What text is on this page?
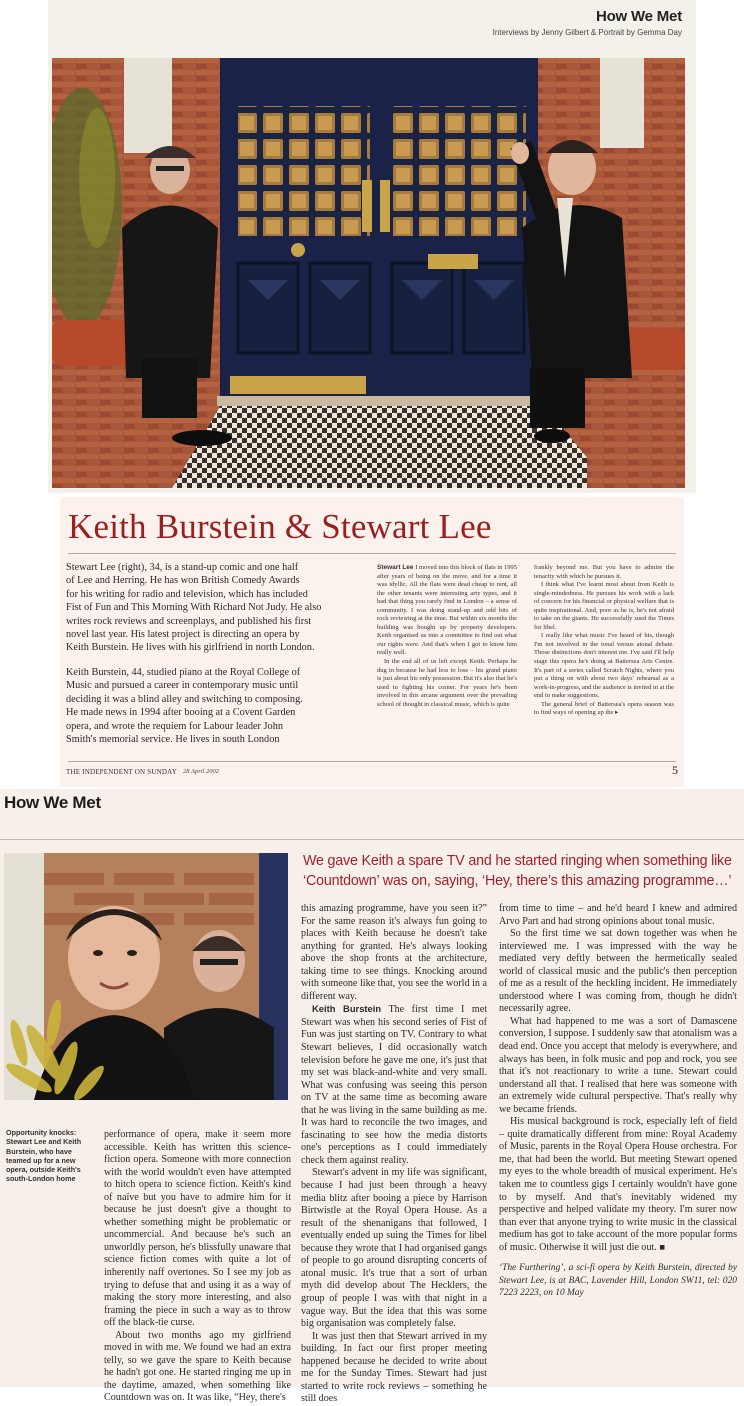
How We Met
Interviews by Jenny Gilbert & Portrait by Gemma Day
Keith Burstein & Stewart Lee
Stewart Lee (right), 34, is a stand-up comic and one half
of Lee and Herring. He has won British Comedy Awards
for his writing for radio and television, which has included
Fist of Fun and This Morning With Richard Not Judy. He also
writes rock reviews and screenplays, and published his first
novel last year. His latest project is directing an opera by
Keith Burstein. He lives with his girlfriend in north London.
Keith Burstein, 44, studied piano at the Royal College of
Music and pursued a career in contemporary music until
deciding it was a blind alley and switching to composing.
He made news in 1994 after booing at a Covent Garden
opera, and wrote the requiem for Labour leader John
Smith's memorial service. He lives in south London

Stewart Lee I moved into this block of flats in 1995 after years of being on the move, and for a time it was idyllic. All the flats were dead cheap to rent, all the other tenants were interesting arty types, and it had that thing you rarely find in London – a sense of community. I was doing stand-up and odd bits of rock reviewing at the time. But within six months the building was bought up by property developers. Keith organised us into a committee to find out what our rights were. And that's when I got to know him really well.

In the end all of us left except Keith. Perhaps he dug in because he had less to lose – his grand piano is just about his only possession. But it's also that he's used to fighting his corner. For years he's been involved in this arcane argument over the prevailing school of thought in classical music, which is quite

frankly beyond me. But you have to admire the tenacity with which he pursues it.

I think what I've learnt most about from Keith is single-mindedness. He pursues his work with a lack of concern for his financial or physical welfare that is quite inspirational. And, poor as he is, he's not afraid to take on the giants. He successfully sued the Times for libel.

I really like what music I've heard of his, though I'm not involved in the tonal versus atonal debate. Those distinctions don't interest me. I've said I'll help stage this opera he's doing at Battersea Arts Centre. It's part of a series called Scratch Nights, where you put a thing on with about two days' rehearsal as a work-in-progress, and the audience is invited in at the end to make suggestions.

The general brief of Battersea's opera season was to find ways of opening up the ▸

THE INDEPENDENT ON SUNDAY 28 April 2002	5
How We Met

Opportunity knocks: Stewart Lee and Keith Burstein, who have teamed up for a new opera, outside Keith's south-London home

We gave Keith a spare TV and he started ringing when something like ‘Countdown’ was on, saying, ‘Hey, there’s this amazing programme…’

performance of opera, make it seem more accessible. Keith has written this science-fiction opera. Someone with more connection with the world wouldn't even have attempted to hitch opera to science fiction. Keith's kind of naïve but you have to admire him for it because he just doesn't give a thought to whether something might be problematic or uncommercial. And because he's such an unworldly person, he's blissfully unaware that science fiction comes with quite a lot of inherently naff overtones. So I see my job as trying to defuse that and using it as a way of making the story more interesting, and also framing the piece in such a way as to throw off the black-tie curse.

About two months ago my girlfriend moved in with me. We found we had an extra telly, so we gave the spare to Keith because he hadn't got one. He started ringing me up in the daytime, amazed, when something like Countdown was on. It was like, “Hey, there's

this amazing programme, have you seen it?” For the same reason it's always fun going to places with Keith because he doesn't take anything for granted. He's always looking above the shop fronts at the architecture, taking time to see things. Knocking around with someone like that, you see the world in a different way.

Keith Burstein The first time I met Stewart was when his second series of Fist of Fun was just starting on TV. Contrary to what Stewart believes, I did occasionally watch television before he gave me one, it's just that my set was black-and-white and very small. What was confusing was seeing this person on TV at the same time as becoming aware that he was living in the same building as me. It was hard to reconcile the two images, and fascinating to see how the media distorts one's perceptions as I could immediately check them against reality.

Stewart's advent in my life was significant, because I had just been through a heavy media blitz after booing a piece by Harrison Birtwistle at the Royal Opera House. As a result of the shenanigans that followed, I eventually ended up suing the Times for libel because they wrote that I had organised gangs of people to go around disrupting concerts of atonal music. It's true that a sort of urban myth did develop about The Hecklers, the group of people I was with that night in a vague way. But the idea that this was some big organisation was completely false.

It was just then that Stewart arrived in my building. In fact our first proper meeting happened because he decided to write about me for the Sunday Times. Stewart had just started to write rock reviews – something he still does

from time to time – and he'd heard I knew and admired Arvo Part and had strong opinions about tonal music.

So the first time we sat down together was when he interviewed me. I was impressed with the way he mediated very deftly between the hermetically sealed world of classical music and the public's then perception of me as a result of the heckling incident. He immediately understood where I was coming from, though he didn't necessarily agree.

What had happened to me was a sort of Damascene conversion, I suppose. I suddenly saw that atonalism was a dead end. Once you accept that melody is everywhere, and always has been, in folk music and pop and rock, you see that it's not reactionary to write a tune. Stewart could understand all that. I realised that here was someone with an extremely wide cultural perspective. That's really why we became friends.

His musical background is rock, especially left of field – quite dramatically different from mine: Royal Academy of Music, parents in the Royal Opera House orchestra. For me, that had been the world. But meeting Stewart opened my eyes to the whole breadth of musical experiment. He's taken me to countless gigs I certainly wouldn't have gone to by myself. And that's inevitably widened my perspective and helped validate my theory. I'm surer now than ever that anyone trying to write music in the classical medium has got to take account of the more popular forms of music. Otherwise it will just die out. ■

‘The Furthering’, a sci-fi opera by Keith Burstein, directed by Stewart Lee, is at BAC, Lavender Hill, London SW11, tel: 020 7223 2223, on 10 May
